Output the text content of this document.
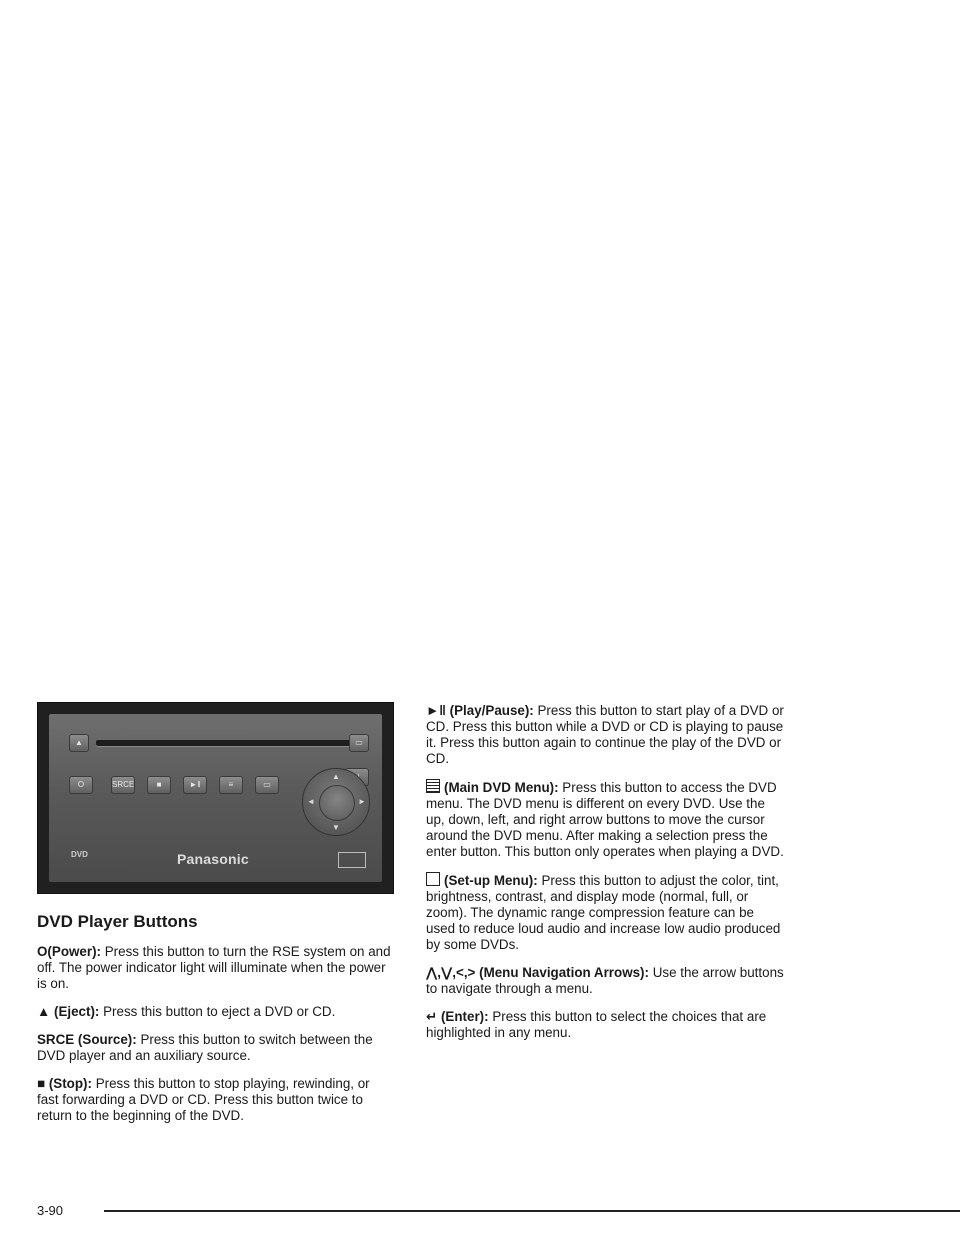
▲	▭
O	SRCE	■	►‖	≡	▭
▲
▼
◄	►
DVD	Panasonic
DVD Player Buttons

O(Power): Press this button to turn the RSE system on and off. The power indicator light will illuminate when the power is on.

▲ (Eject): Press this button to eject a DVD or CD.

SRCE (Source): Press this button to switch between the DVD player and an auxiliary source.

■ (Stop): Press this button to stop playing, rewinding, or fast forwarding a DVD or CD. Press this button twice to return to the beginning of the DVD.

►‖ (Play/Pause): Press this button to start play of a DVD or CD. Press this button while a DVD or CD is playing to pause it. Press this button again to continue the play of the DVD or CD.

(Main DVD Menu): Press this button to access the DVD menu. The DVD menu is different on every DVD. Use the up, down, left, and right arrow buttons to move the cursor around the DVD menu. After making a selection press the enter button. This button only operates when playing a DVD.

(Set-up Menu): Press this button to adjust the color, tint, brightness, contrast, and display mode (normal, full, or zoom). The dynamic range compression feature can be used to reduce loud audio and increase low audio produced by some DVDs.

⋀,⋁,<,> (Menu Navigation Arrows): Use the arrow buttons to navigate through a menu.

↵ (Enter): Press this button to select the choices that are highlighted in any menu.

3-90
